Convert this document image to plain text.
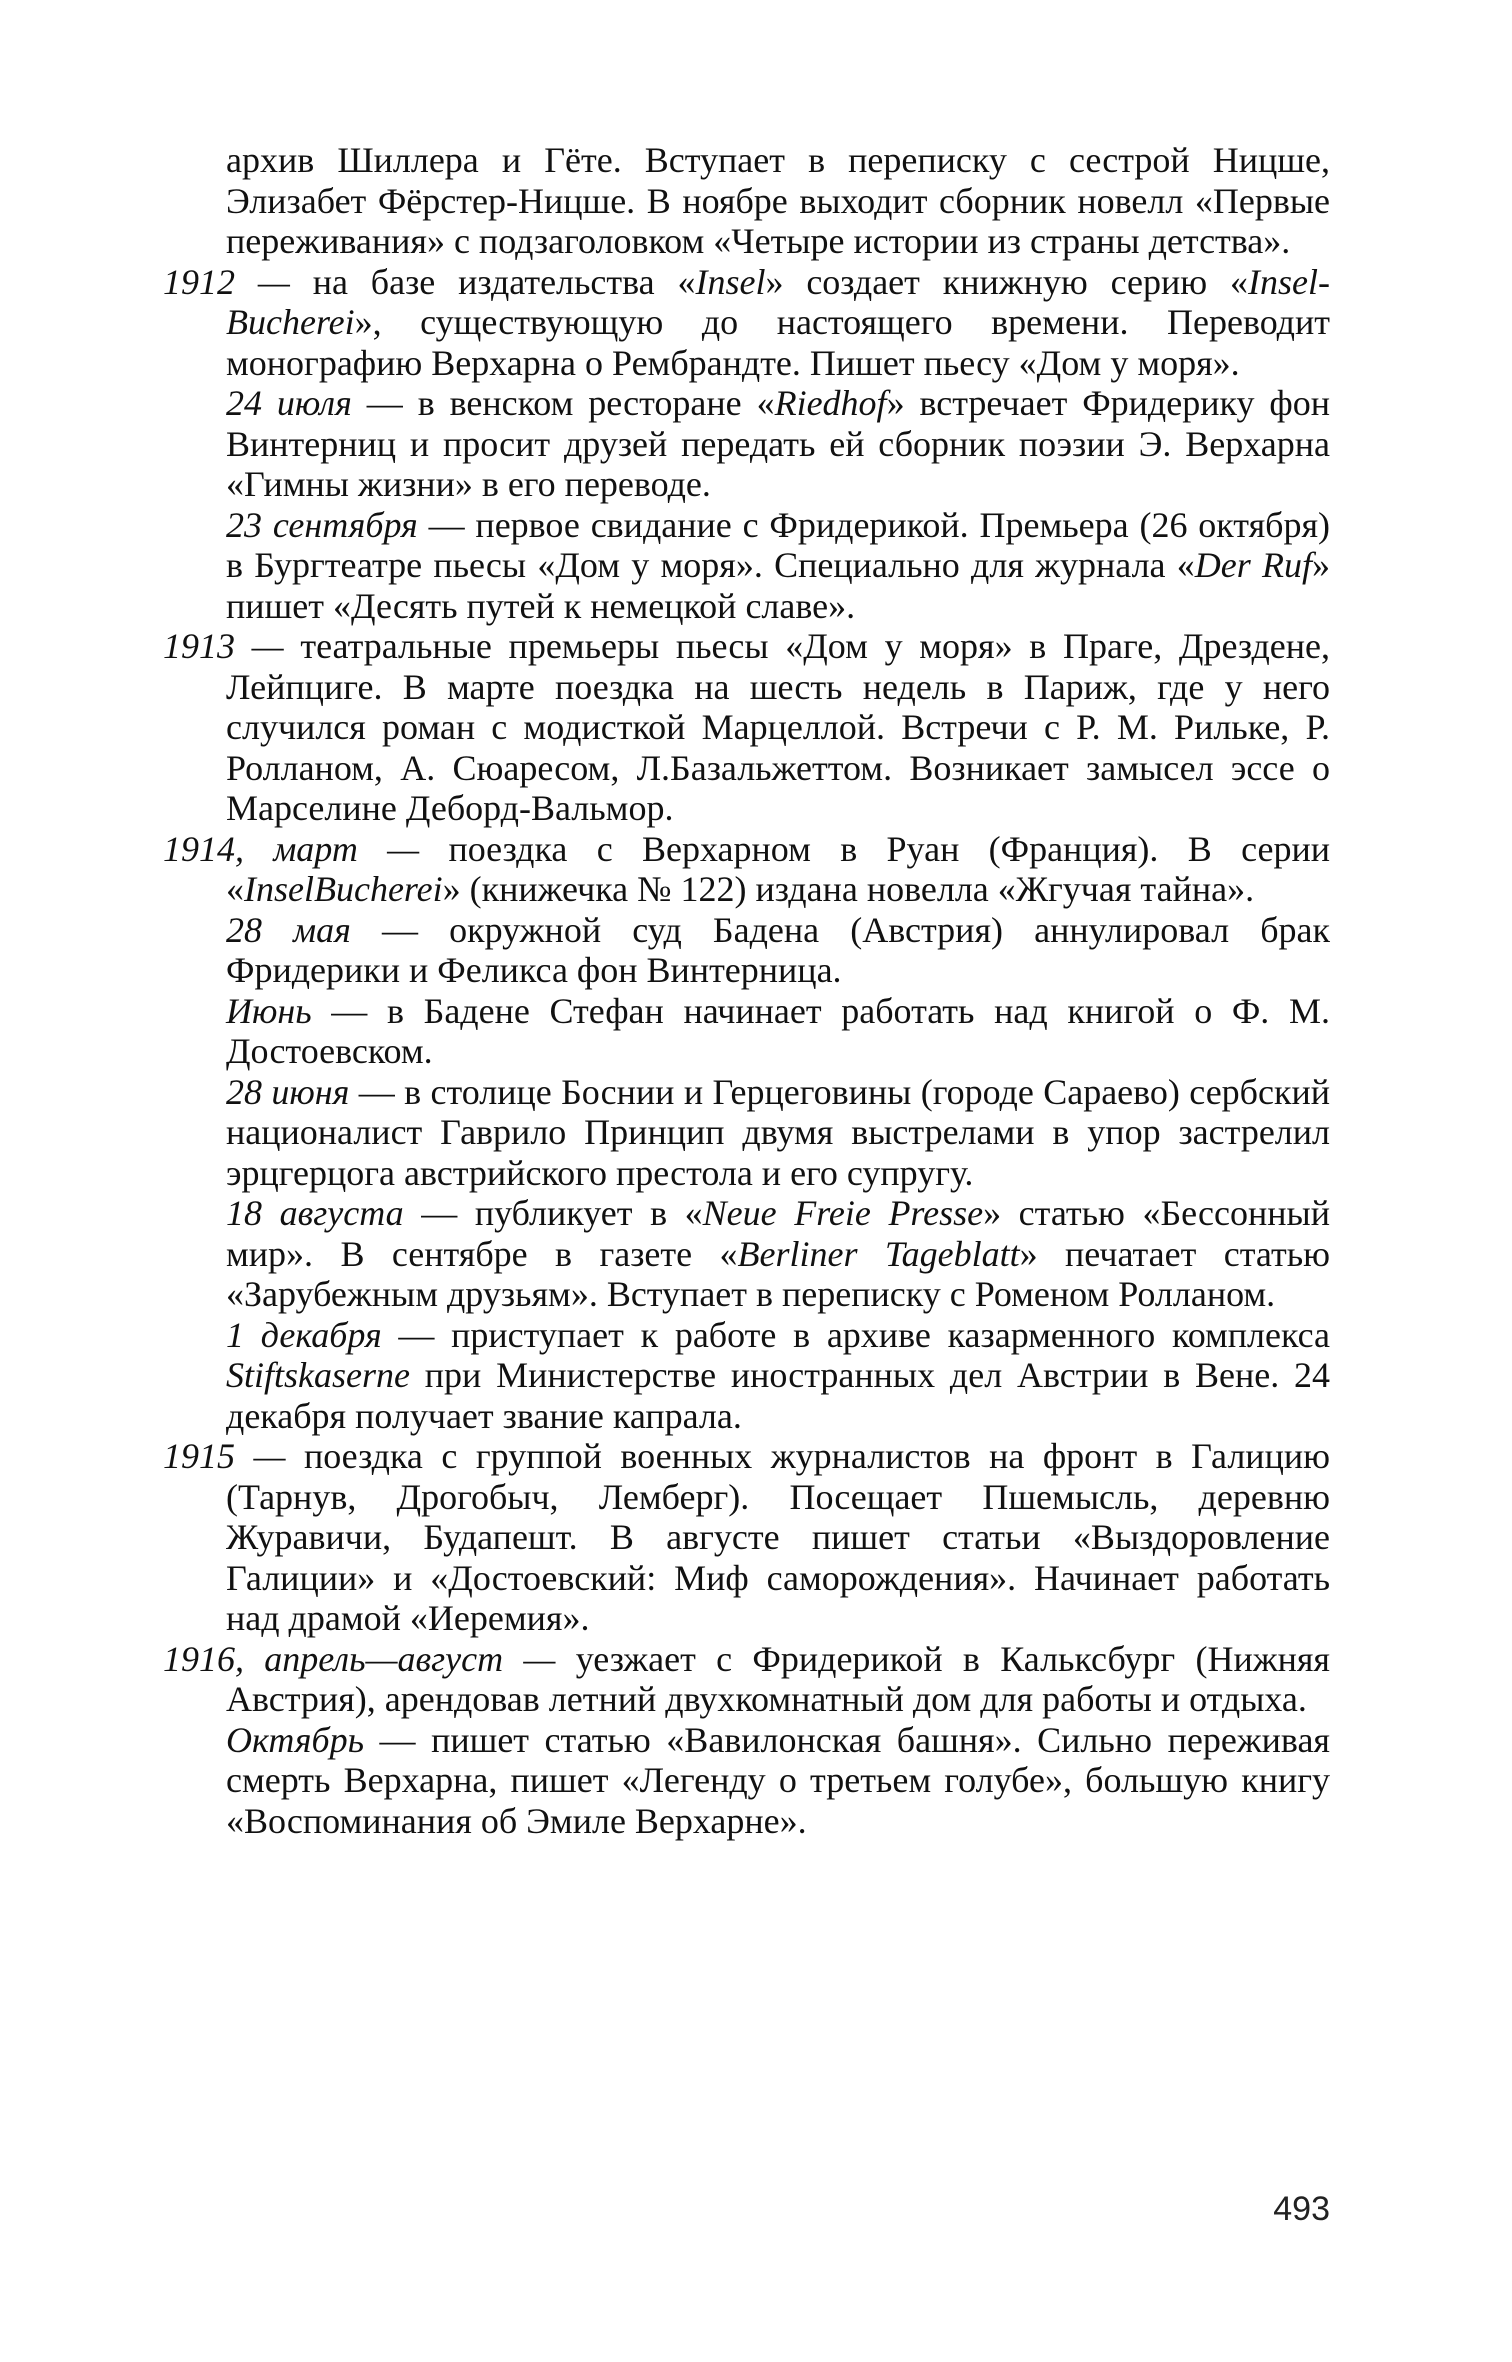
архив Шиллера и Гёте. Вступает в переписку с сестрой Ницше, Элизабет Фёрстер-Ницше. В ноябре выходит сборник новелл «Первые переживания» с подзаголовком «Четыре истории из страны детства».
1912 — на базе издательства «Insel» создает книжную серию «Insel-Bucherei», существующую до настоящего времени. Переводит монографию Верхарна о Рембрандте. Пишет пьесу «Дом у моря».
24 июля — в венском ресторане «Riedhof» встречает Фридерику фон Винтерниц и просит друзей передать ей сборник поэзии Э. Верхарна «Гимны жизни» в его переводе.
23 сентября — первое свидание с Фридерикой. Премьера (26 октября) в Бургтеатре пьесы «Дом у моря». Специально для журнала «Der Ruf» пишет «Десять путей к немецкой славе».
1913 — театральные премьеры пьесы «Дом у моря» в Праге, Дрездене, Лейпциге. В марте поездка на шесть недель в Париж, где у него случился роман с модисткой Марцеллой. Встречи с Р. М. Рильке, Р. Ролланом, А. Сюаресом, Л.Базальжеттом. Возникает замысел эссе о Марселине Деборд-Вальмор.
1914, март — поездка с Верхарном в Руан (Франция). В серии «InselBucherei» (книжечка № 122) издана новелла «Жгучая тайна».
28 мая — окружной суд Бадена (Австрия) аннулировал брак Фридерики и Феликса фон Винтерница.
Июнь — в Бадене Стефан начинает работать над книгой о Ф. М. Достоевском.
28 июня — в столице Боснии и Герцеговины (городе Сараево) сербский националист Гаврило Принцип двумя выстрелами в упор застрелил эрцгерцога австрийского престола и его супругу.
18 августа — публикует в «Neue Freie Presse» статью «Бессонный мир». В сентябре в газете «Berliner Tageblatt» печатает статью «Зарубежным друзьям». Вступает в переписку с Роменом Ролланом.
1 декабря — приступает к работе в архиве казарменного комплекса Stiftskaserne при Министерстве иностранных дел Австрии в Вене. 24 декабря получает звание капрала.
1915 — поездка с группой военных журналистов на фронт в Галицию (Тарнув, Дрогобыч, Лемберг). Посещает Пшемысль, деревню Журавичи, Будапешт. В августе пишет статьи «Выздоровление Галиции» и «Достоевский: Миф саморождения». Начинает работать над драмой «Иеремия».
1916, апрель—август — уезжает с Фридерикой в Кальксбург (Нижняя Австрия), арендовав летний двухкомнатный дом для работы и отдыха.
Октябрь — пишет статью «Вавилонская башня». Сильно переживая смерть Верхарна, пишет «Легенду о третьем голубе», большую книгу «Воспоминания об Эмиле Верхарне».
493
